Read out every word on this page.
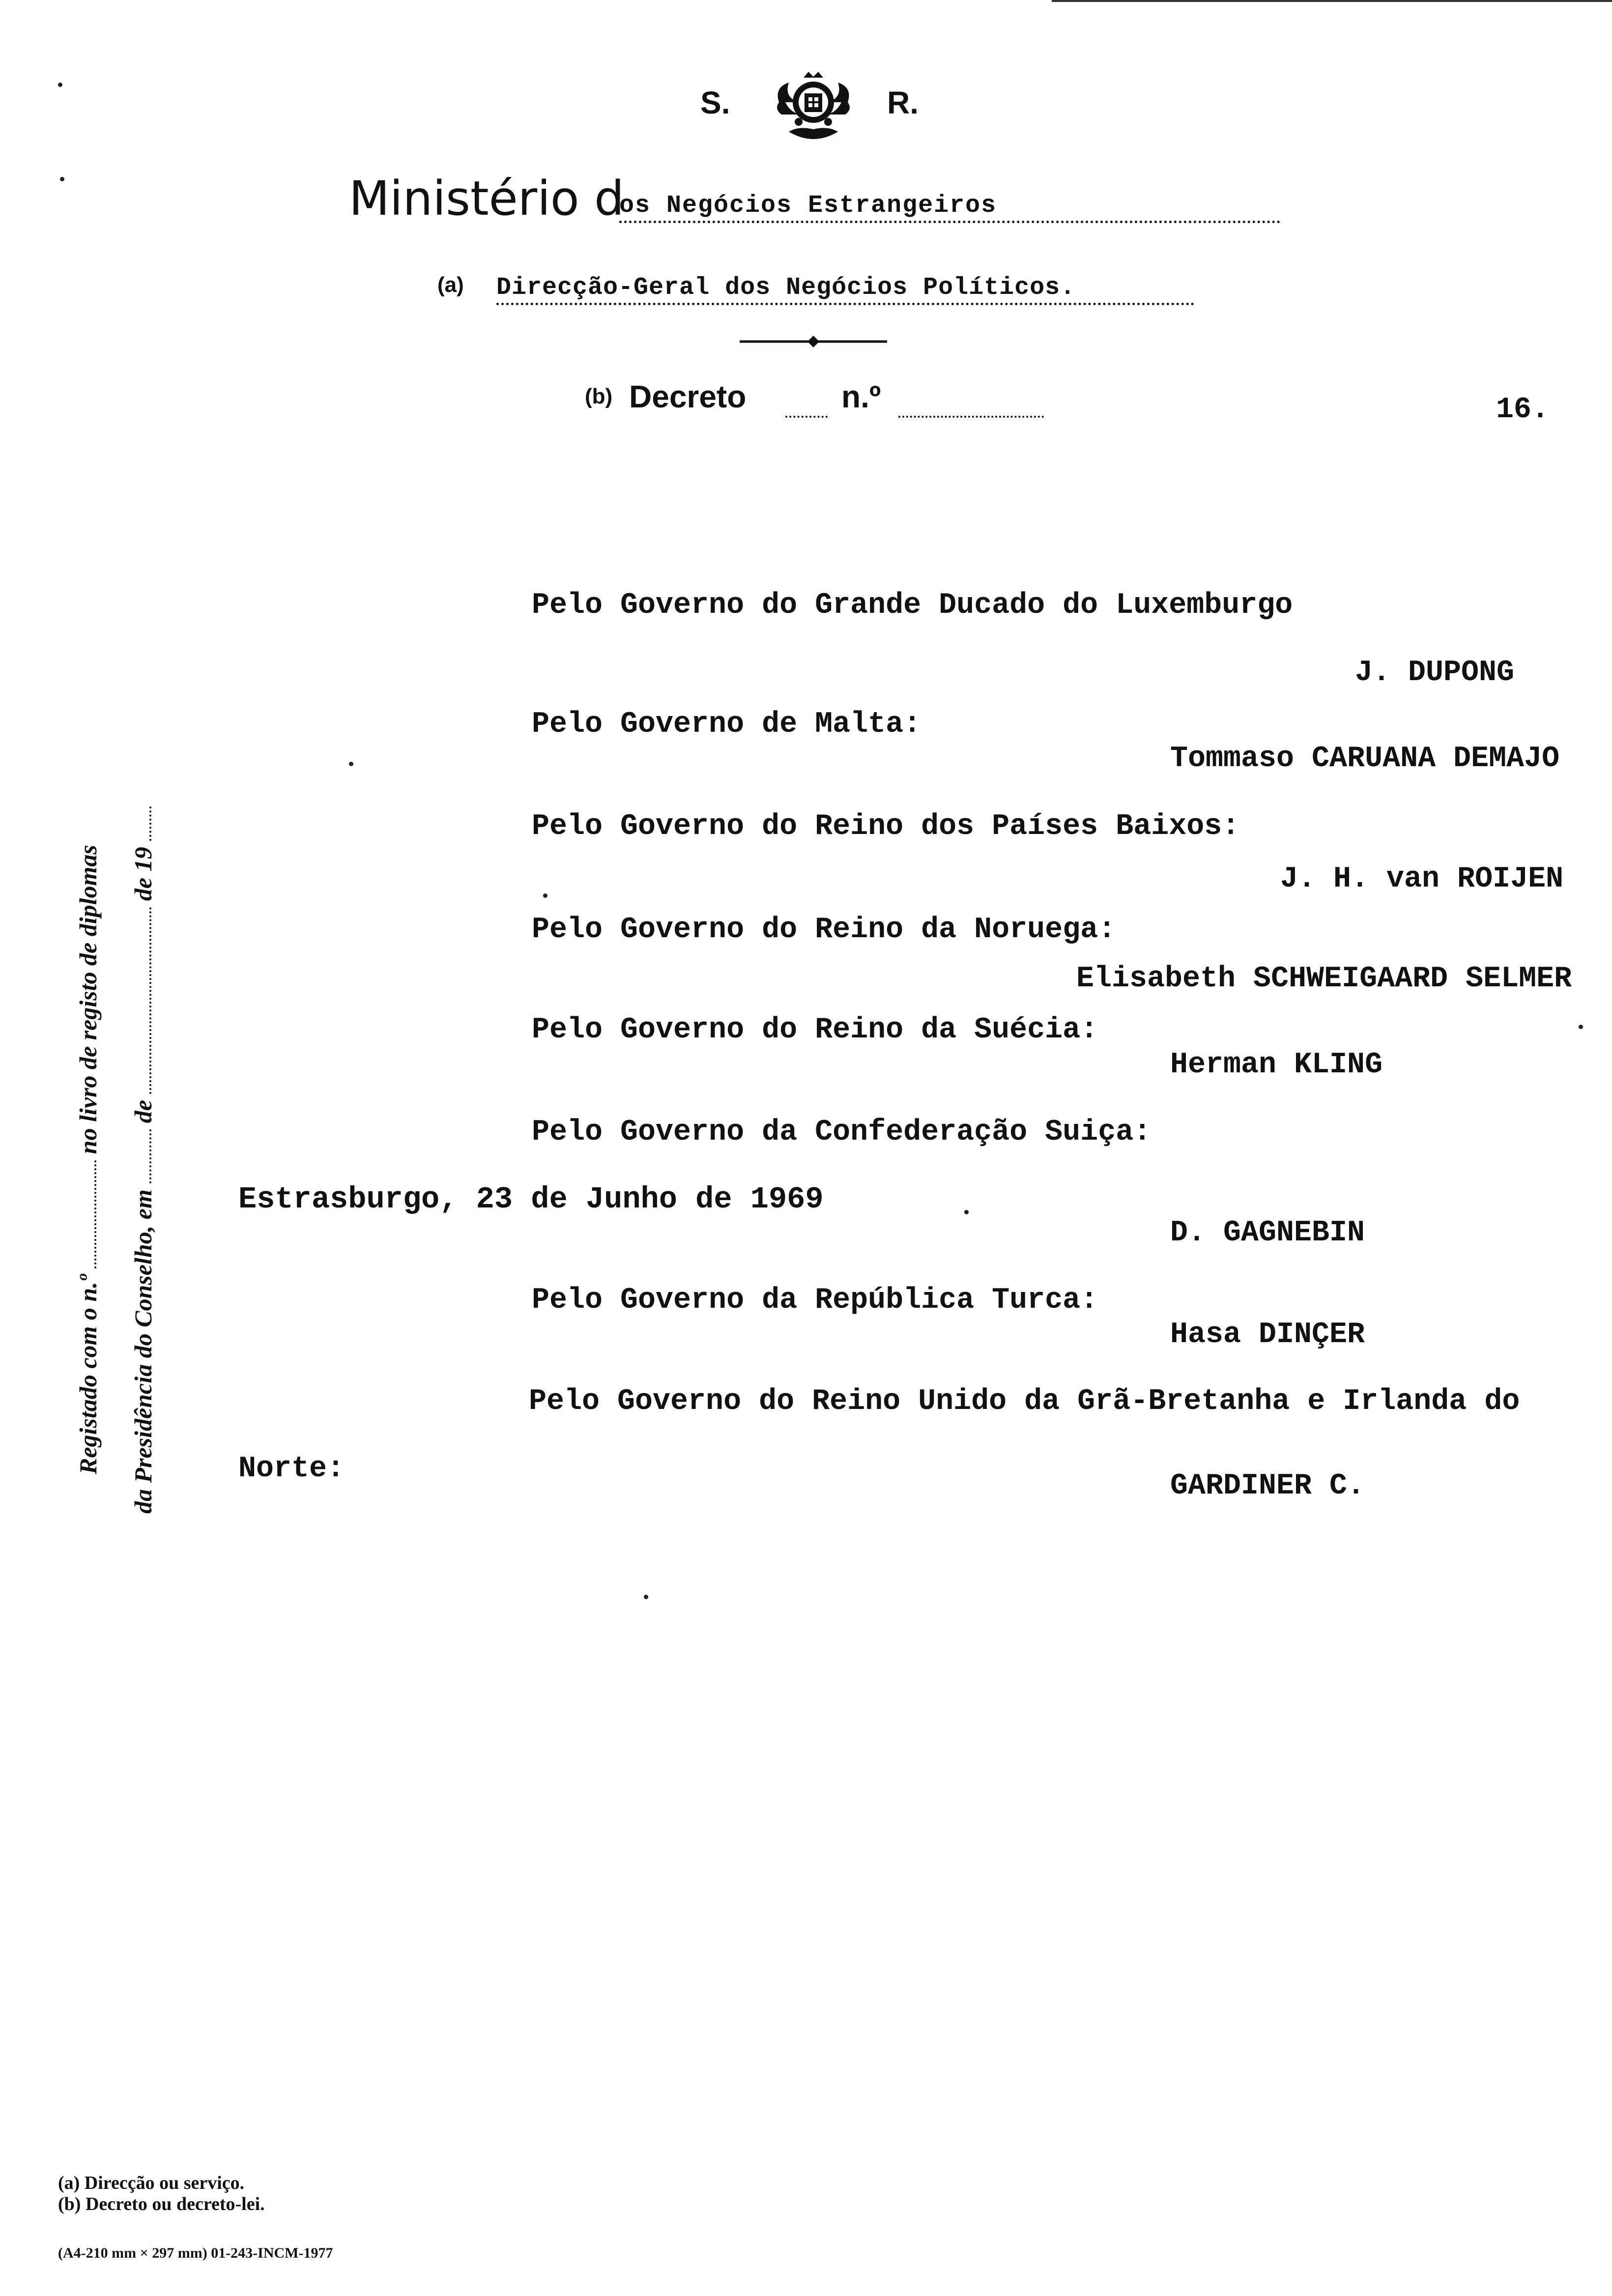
S.	R.
Ministério d
os Negócios Estrangeiros
(a) Direcção-Geral dos Negócios Políticos.
(b) Decreto	n.º	16.
Pelo Governo do Grande Ducado do Luxemburgo
J. DUPONG
Pelo Governo de Malta:
Tommaso CARUANA DEMAJO
Pelo Governo do Reino dos Países Baixos:
J. H. van ROIJEN
Pelo Governo do Reino da Noruega:
Elisabeth SCHWEIGAARD SELMER
Pelo Governo do Reino da Suécia:
Herman KLING
Pelo Governo da Confederação Suiça:
Estrasburgo, 23 de Junho de 1969
D. GAGNEBIN
Pelo Governo da República Turca:
Hasa DINÇER
Pelo Governo do Reino Unido da Grã-Bretanha e Irlanda do
Norte:
GARDINER C.
Registado com o n.º  no livro de registo de diplomas
da Presidência do Conselho, em  de  de 19
(a) Direcção ou serviço.
(b) Decreto ou decreto-lei.
(A4-210 mm × 297 mm) 01-243-INCM-1977
